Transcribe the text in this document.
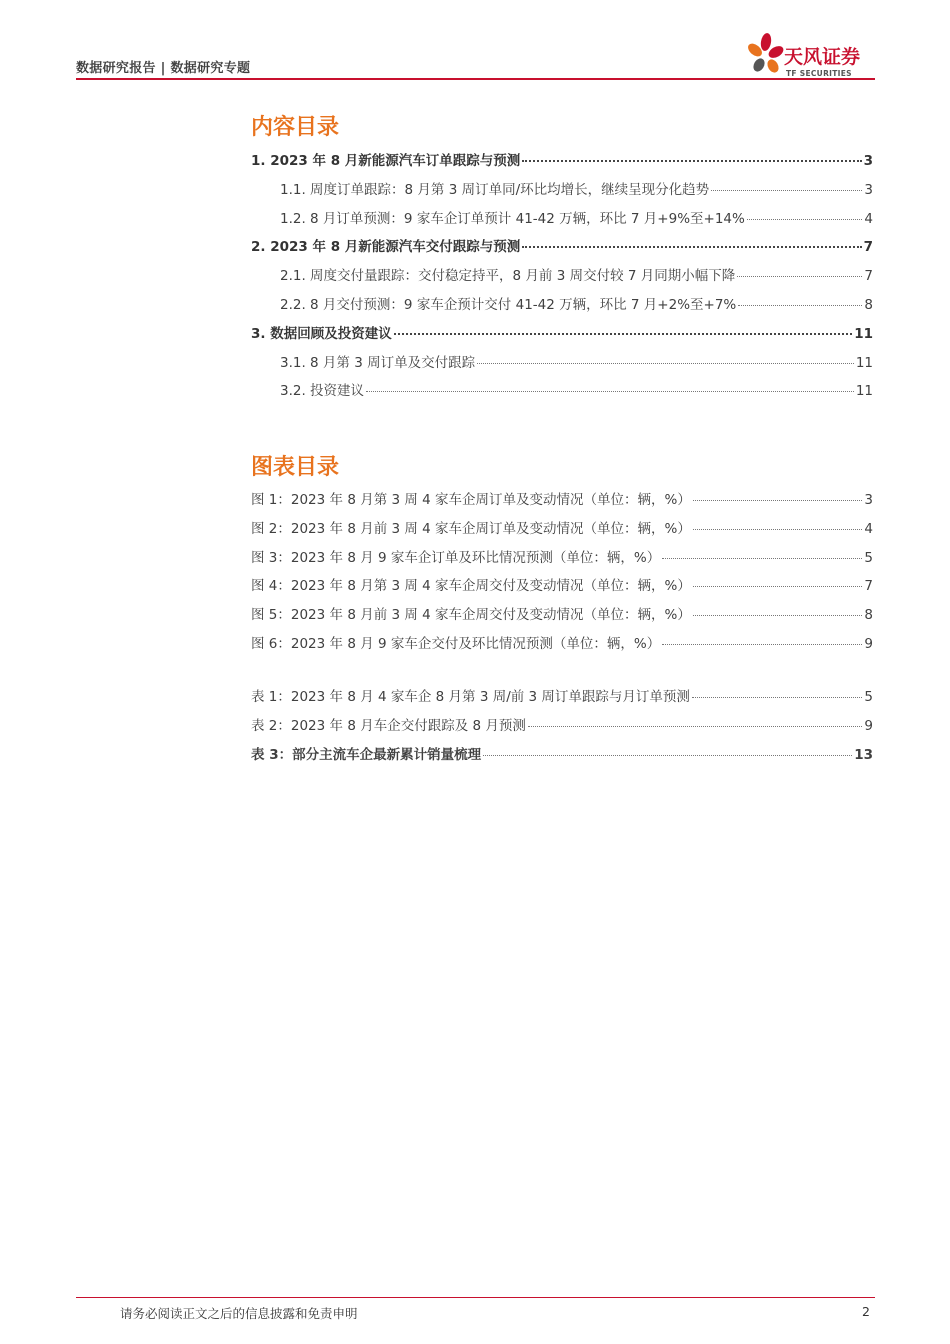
数据研究报告 | 数据研究专题
天风证券
TF SECURITIES
内容目录
1. 2023 年 8 月新能源汽车订单跟踪与预测	3
1.1. 周度订单跟踪：8 月第 3 周订单同/环比均增长，继续呈现分化趋势	3
1.2. 8 月订单预测：9 家车企订单预计 41-42 万辆，环比 7 月+9%至+14%	4
2. 2023 年 8 月新能源汽车交付跟踪与预测	7
2.1. 周度交付量跟踪：交付稳定持平，8 月前 3 周交付较 7 月同期小幅下降	7
2.2. 8 月交付预测：9 家车企预计交付 41-42 万辆，环比 7 月+2%至+7%	8
3. 数据回顾及投资建议	11
3.1. 8 月第 3 周订单及交付跟踪	11
3.2. 投资建议	11
图表目录
图 1：2023 年 8 月第 3 周 4 家车企周订单及变动情况（单位：辆，%）	3
图 2：2023 年 8 月前 3 周 4 家车企周订单及变动情况（单位：辆，%）	4
图 3：2023 年 8 月 9 家车企订单及环比情况预测（单位：辆，%）	5
图 4：2023 年 8 月第 3 周 4 家车企周交付及变动情况（单位：辆，%）	7
图 5：2023 年 8 月前 3 周 4 家车企周交付及变动情况（单位：辆，%）	8
图 6：2023 年 8 月 9 家车企交付及环比情况预测（单位：辆，%）	9
表 1：2023 年 8 月 4 家车企 8 月第 3 周/前 3 周订单跟踪与月订单预测	5
表 2：2023 年 8 月车企交付跟踪及 8 月预测	9
表 3：部分主流车企最新累计销量梳理	13
请务必阅读正文之后的信息披露和免责申明	2
